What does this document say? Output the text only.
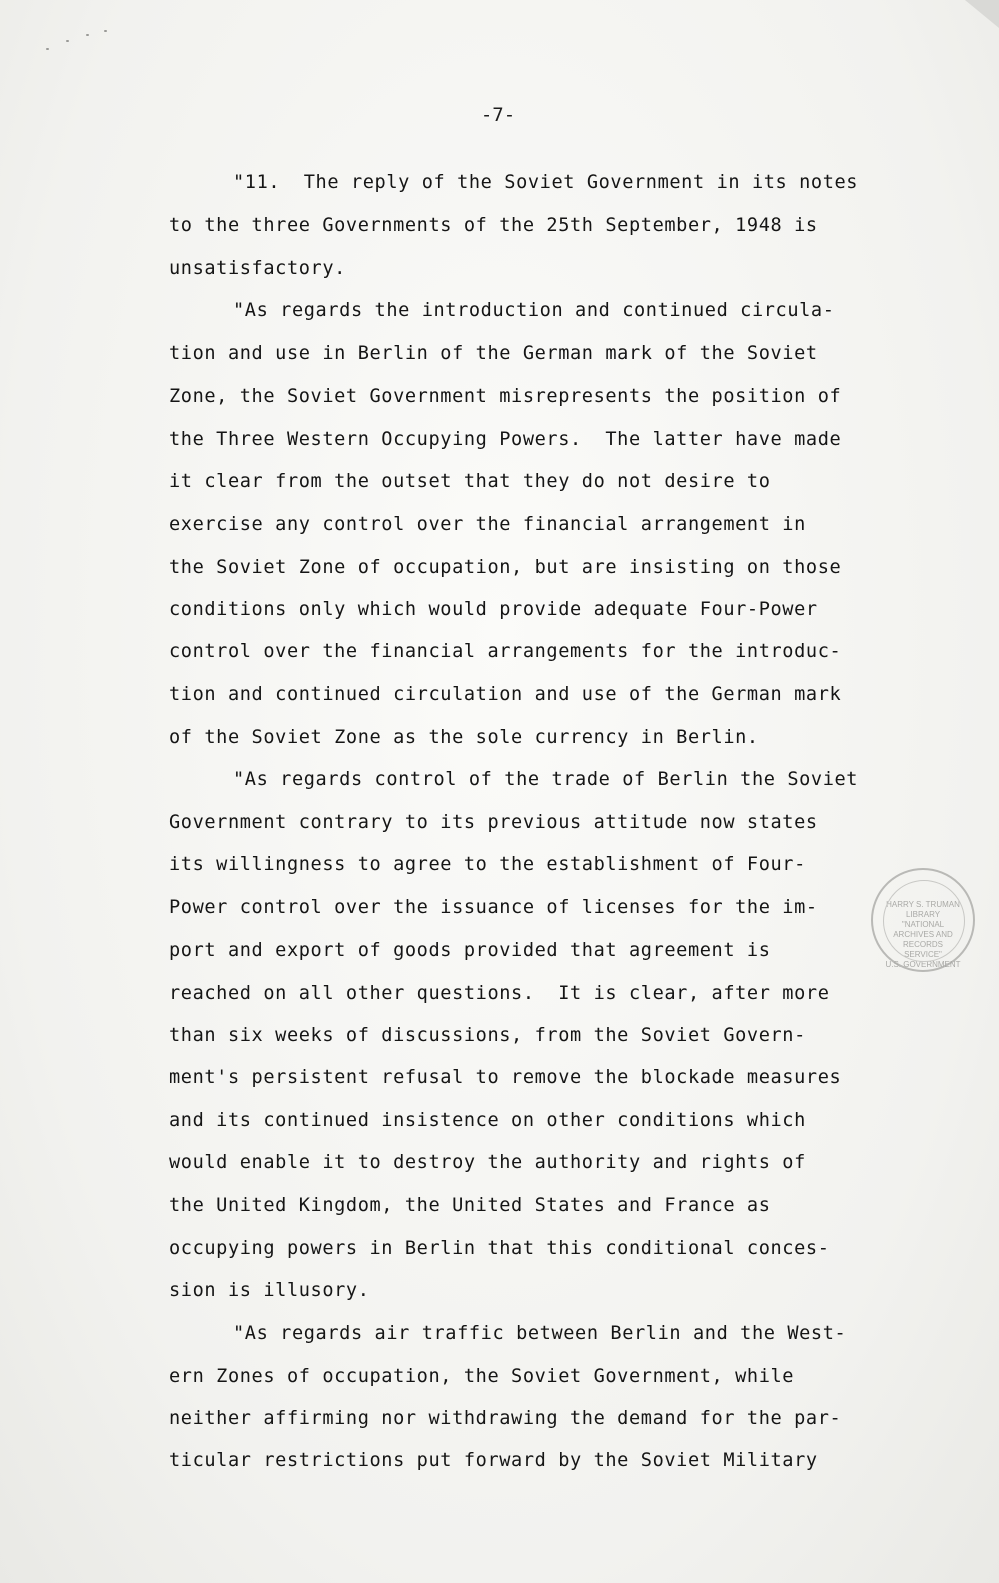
-7-
"11.  The reply of the Soviet Government in its notes
to the three Governments of the 25th September, 1948 is
unsatisfactory.
"As regards the introduction and continued circula-
tion and use in Berlin of the German mark of the Soviet
Zone, the Soviet Government misrepresents the position of
the Three Western Occupying Powers.  The latter have made
it clear from the outset that they do not desire to
exercise any control over the financial arrangement in
the Soviet Zone of occupation, but are insisting on those
conditions only which would provide adequate Four-Power
control over the financial arrangements for the introduc-
tion and continued circulation and use of the German mark
of the Soviet Zone as the sole currency in Berlin.
"As regards control of the trade of Berlin the Soviet
Government contrary to its previous attitude now states
its willingness to agree to the establishment of Four-
Power control over the issuance of licenses for the im-
port and export of goods provided that agreement is
reached on all other questions.  It is clear, after more
than six weeks of discussions, from the Soviet Govern-
ment's persistent refusal to remove the blockade measures
and its continued insistence on other conditions which
would enable it to destroy the authority and rights of
the United Kingdom, the United States and France as
occupying powers in Berlin that this conditional conces-
sion is illusory.
"As regards air traffic between Berlin and the West-
ern Zones of occupation, the Soviet Government, while
neither affirming nor withdrawing the demand for the par-
ticular restrictions put forward by the Soviet Military
HARRY S. TRUMAN LIBRARY
"NATIONAL
ARCHIVES AND
RECORDS
SERVICE"
U.S. GOVERNMENT
